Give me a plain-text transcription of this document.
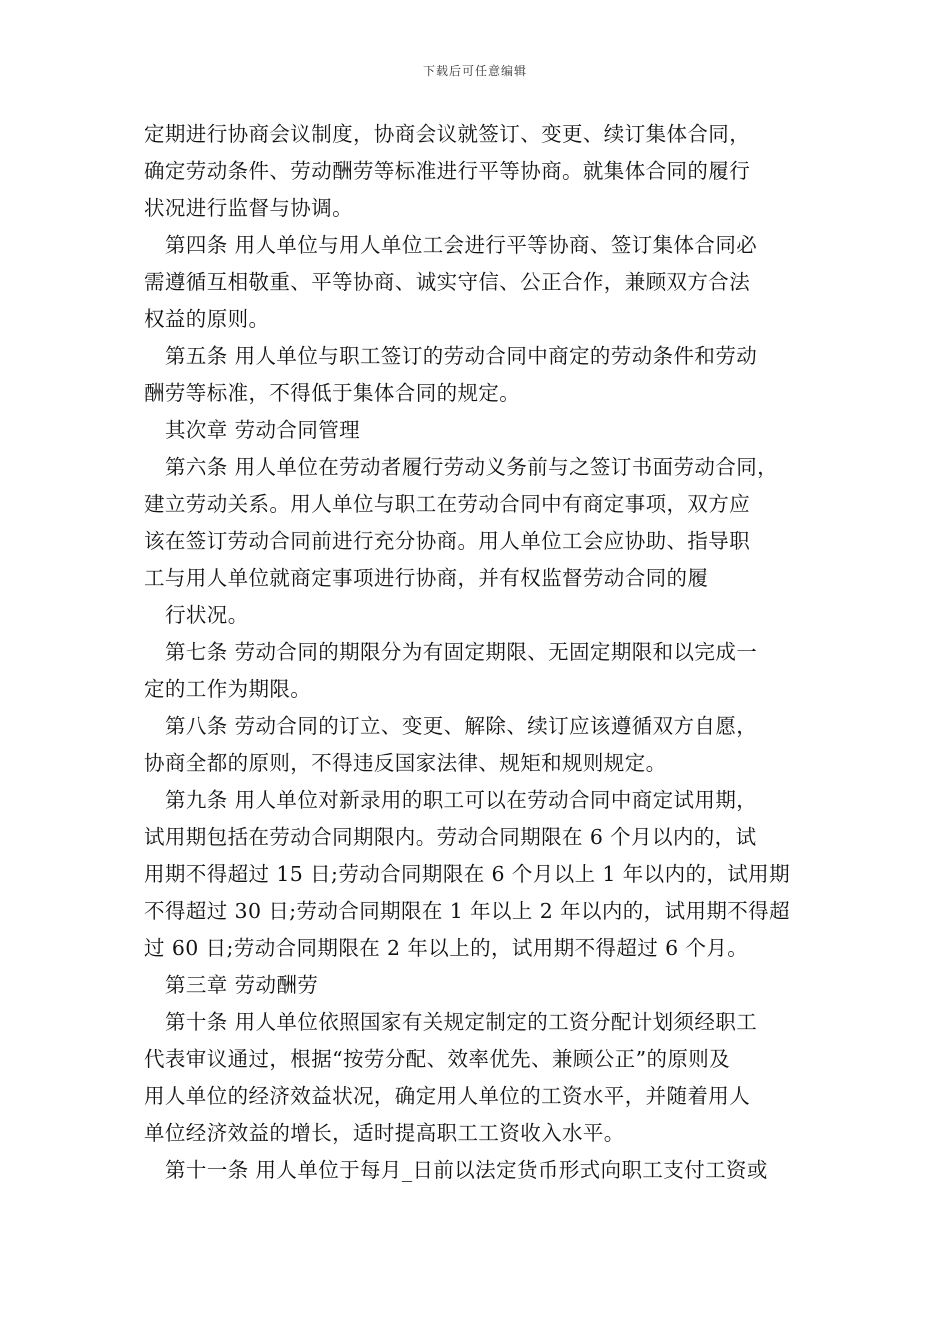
下载后可任意编辑
定期进行协商会议制度，协商会议就签订、变更、续订集体合同，
确定劳动条件、劳动酬劳等标准进行平等协商。就集体合同的履行
状况进行监督与协调。
第四条 用人单位与用人单位工会进行平等协商、签订集体合同必
需遵循互相敬重、平等协商、诚实守信、公正合作，兼顾双方合法
权益的原则。
第五条 用人单位与职工签订的劳动合同中商定的劳动条件和劳动
酬劳等标准，不得低于集体合同的规定。
其次章 劳动合同管理
第六条 用人单位在劳动者履行劳动义务前与之签订书面劳动合同，
建立劳动关系。用人单位与职工在劳动合同中有商定事项，双方应
该在签订劳动合同前进行充分协商。用人单位工会应协助、指导职
工与用人单位就商定事项进行协商，并有权监督劳动合同的履
行状况。
第七条 劳动合同的期限分为有固定期限、无固定期限和以完成一
定的工作为期限。
第八条 劳动合同的订立、变更、解除、续订应该遵循双方自愿，
协商全都的原则，不得违反国家法律、规矩和规则规定。
第九条 用人单位对新录用的职工可以在劳动合同中商定试用期，
试用期包括在劳动合同期限内。劳动合同期限在 6 个月以内的，试
用期不得超过 15 日;劳动合同期限在 6 个月以上 1 年以内的，试用期
不得超过 30 日;劳动合同期限在 1 年以上 2 年以内的，试用期不得超
过 60 日;劳动合同期限在 2 年以上的，试用期不得超过 6 个月。
第三章 劳动酬劳
第十条 用人单位依照国家有关规定制定的工资分配计划须经职工
代表审议通过，根据“按劳分配、效率优先、兼顾公正”的原则及
用人单位的经济效益状况，确定用人单位的工资水平，并随着用人
单位经济效益的增长，适时提高职工工资收入水平。
第十一条 用人单位于每月_日前以法定货币形式向职工支付工资或
